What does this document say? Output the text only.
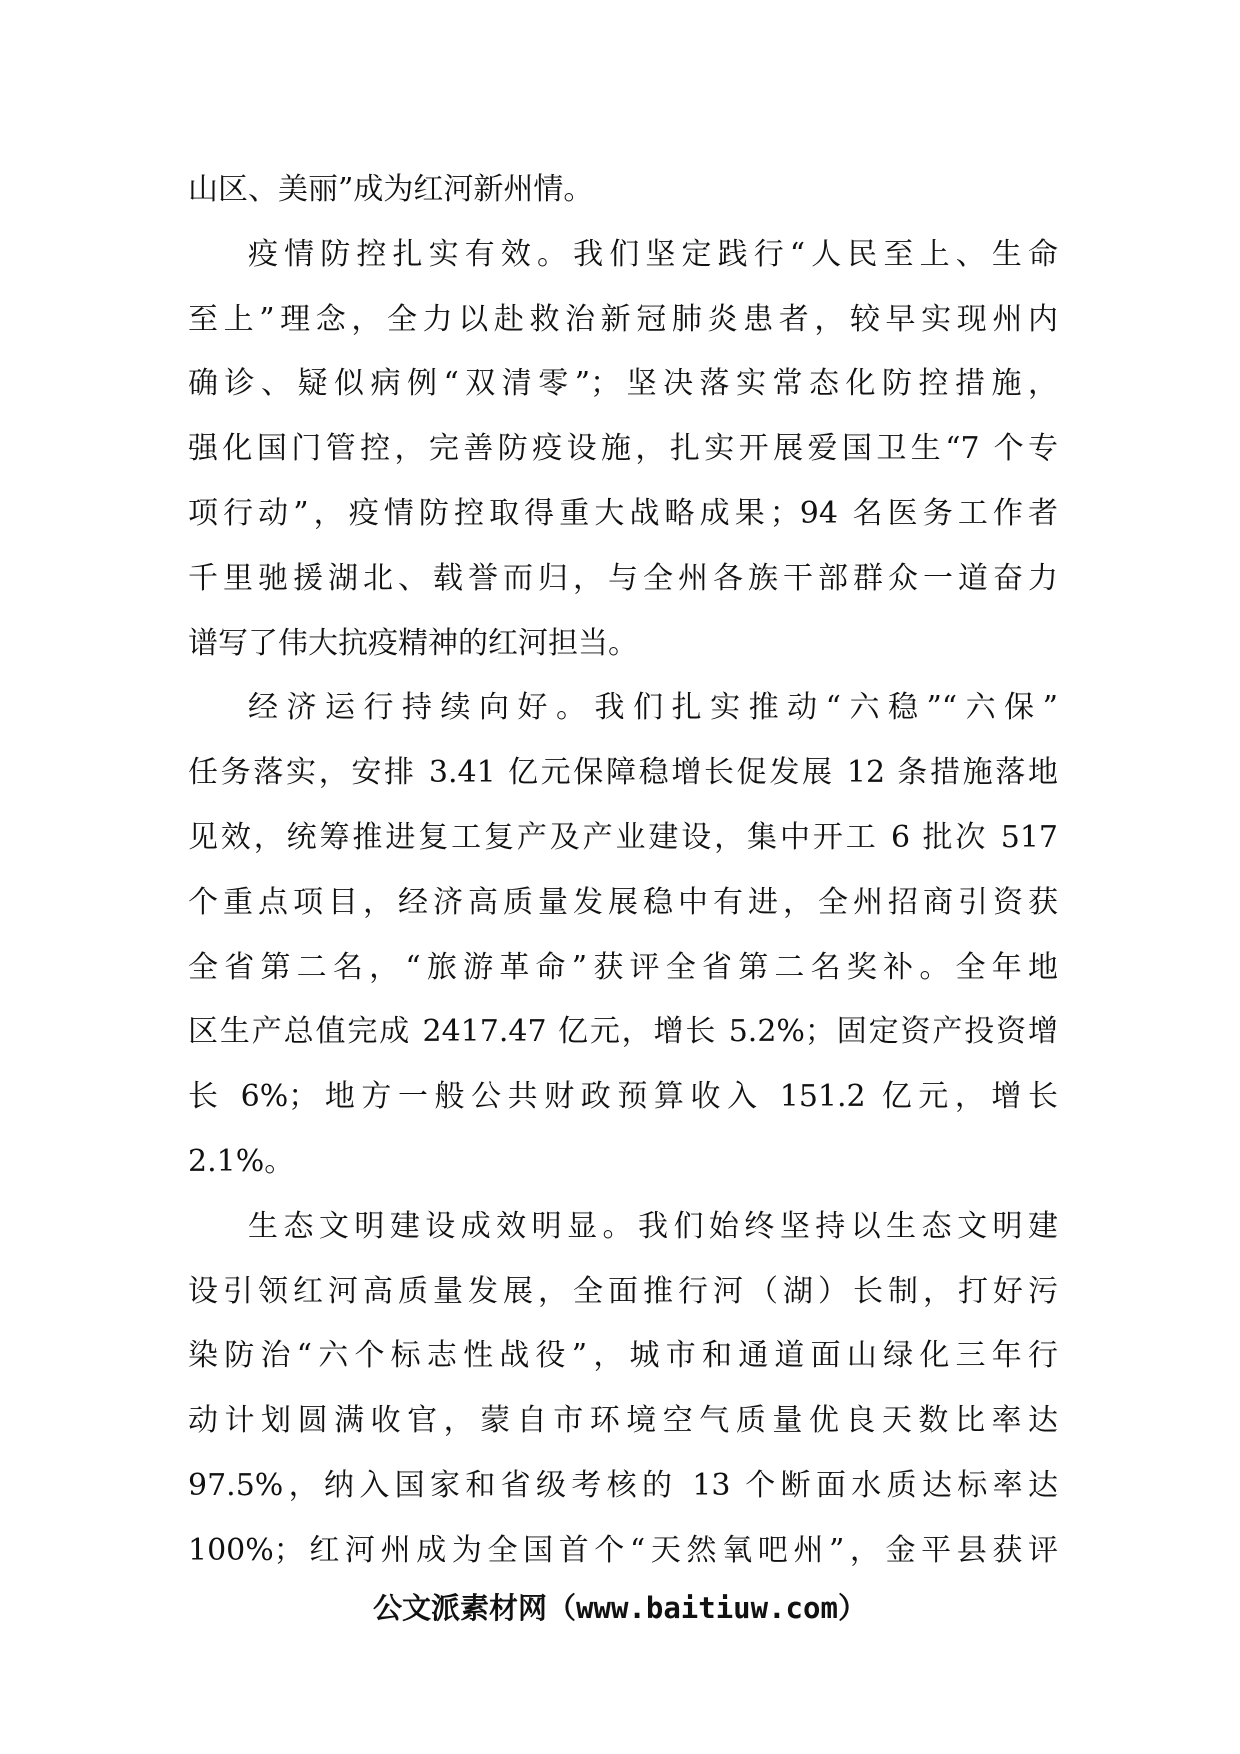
山区、美丽”成为红河新州情。
疫情防控扎实有效。我们坚定践行“人民至上、生命
至上”理念，全力以赴救治新冠肺炎患者，较早实现州内
确诊、疑似病例“双清零”；坚决落实常态化防控措施，
强化国门管控，完善防疫设施，扎实开展爱国卫生“7 个专
项行动”，疫情防控取得重大战略成果；94 名医务工作者
千里驰援湖北、载誉而归，与全州各族干部群众一道奋力
谱写了伟大抗疫精神的红河担当。
经济运行持续向好。我们扎实推动“六稳”“六保”
任务落实，安排 3.41 亿元保障稳增长促发展 12 条措施落地
见效，统筹推进复工复产及产业建设，集中开工 6 批次 517
个重点项目，经济高质量发展稳中有进，全州招商引资获
全省第二名，“旅游革命”获评全省第二名奖补。全年地
区生产总值完成 2417.47 亿元，增长 5.2%；固定资产投资增
长 6%；地方一般公共财政预算收入 151.2 亿元，增长
2.1%。
生态文明建设成效明显。我们始终坚持以生态文明建
设引领红河高质量发展，全面推行河（湖）长制，打好污
染防治“六个标志性战役”，城市和通道面山绿化三年行
动计划圆满收官，蒙自市环境空气质量优良天数比率达
97.5%，纳入国家和省级考核的 13 个断面水质达标率达
100%；红河州成为全国首个“天然氧吧州”，金平县获评
公文派素材网（www.baitiuw.com）
